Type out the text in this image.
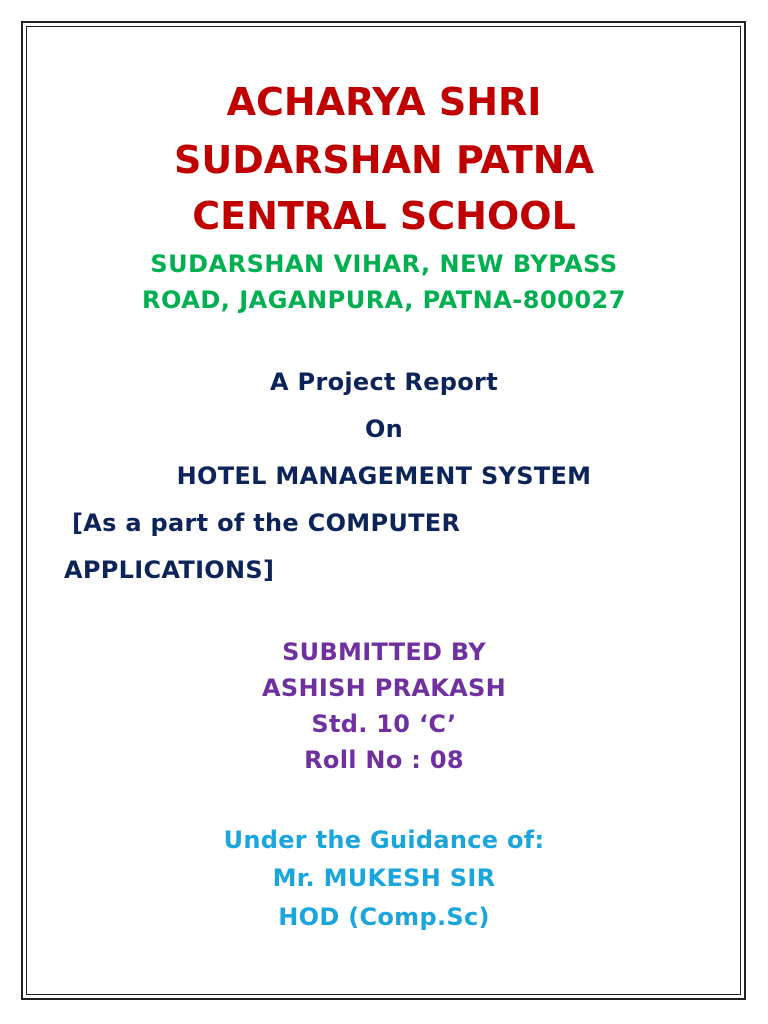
ACHARYA SHRI
SUDARSHAN PATNA
CENTRAL SCHOOL
SUDARSHAN VIHAR, NEW BYPASS
ROAD, JAGANPURA, PATNA-800027
A Project Report
On
HOTEL MANAGEMENT SYSTEM
[As a part of the COMPUTER
APPLICATIONS]
SUBMITTED BY
ASHISH PRAKASH
Std. 10 ‘C’
Roll No : 08
Under the Guidance of:
Mr. MUKESH SIR
HOD (Comp.Sc)
